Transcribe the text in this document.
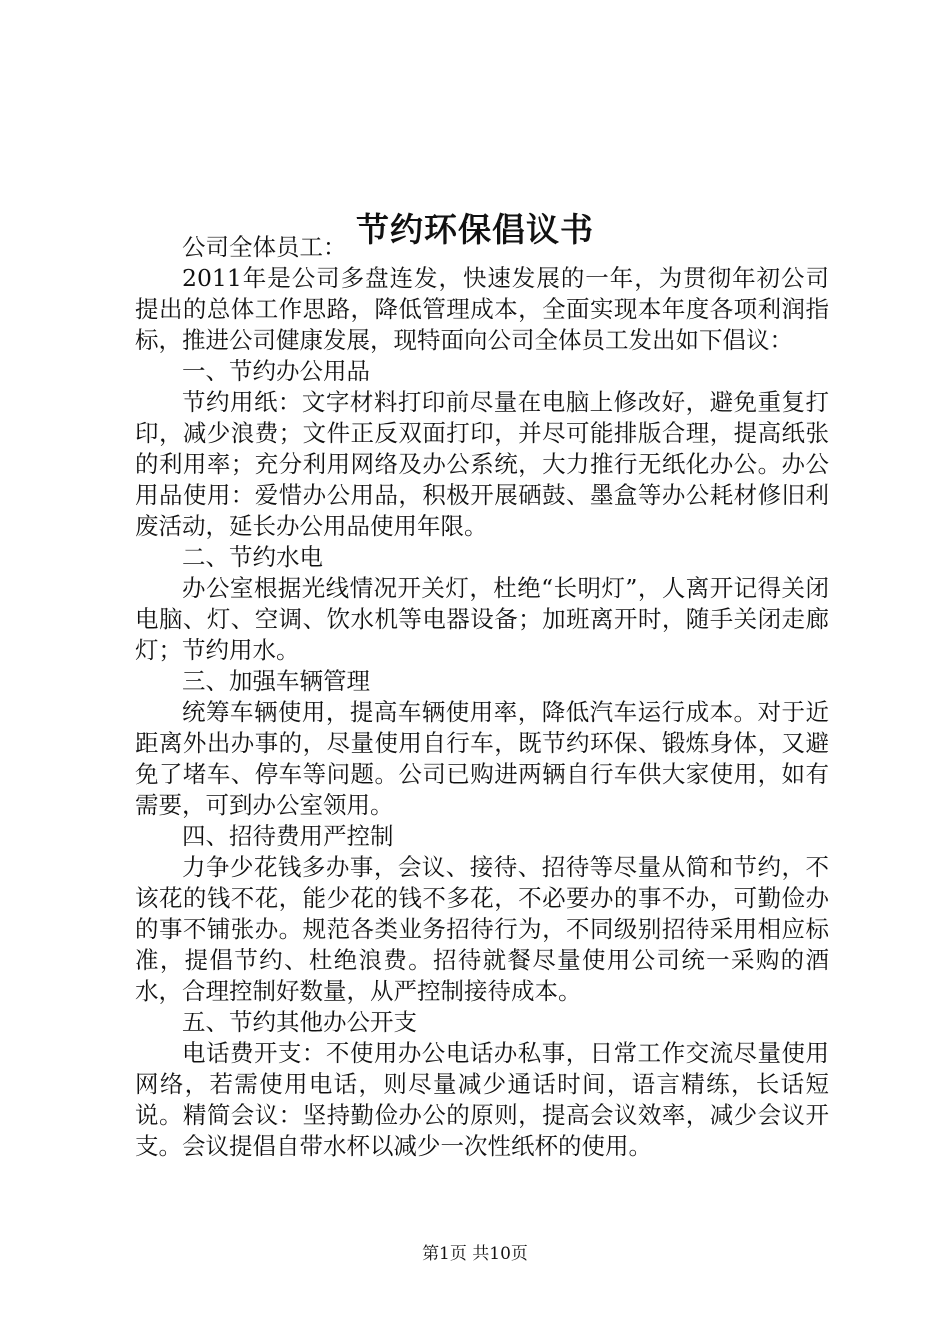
节约环保倡议书

公司全体员工：

2011年是公司多盘连发，快速发展的一年，为贯彻年初公司提出的总体工作思路，降低管理成本，全面实现本年度各项利润指标，推进公司健康发展，现特面向公司全体员工发出如下倡议：

一、节约办公用品

节约用纸：文字材料打印前尽量在电脑上修改好，避免重复打印，减少浪费；文件正反双面打印，并尽可能排版合理，提高纸张的利用率；充分利用网络及办公系统，大力推行无纸化办公。办公用品使用：爱惜办公用品，积极开展硒鼓、墨盒等办公耗材修旧利废活动，延长办公用品使用年限。

二、节约水电

办公室根据光线情况开关灯，杜绝“长明灯”，人离开记得关闭电脑、灯、空调、饮水机等电器设备；加班离开时，随手关闭走廊灯；节约用水。

三、加强车辆管理

统筹车辆使用，提高车辆使用率，降低汽车运行成本。对于近距离外出办事的，尽量使用自行车，既节约环保、锻炼身体，又避免了堵车、停车等问题。公司已购进两辆自行车供大家使用，如有需要，可到办公室领用。

四、招待费用严控制

力争少花钱多办事，会议、接待、招待等尽量从简和节约，不该花的钱不花，能少花的钱不多花，不必要办的事不办，可勤俭办的事不铺张办。规范各类业务招待行为，不同级别招待采用相应标准，提倡节约、杜绝浪费。招待就餐尽量使用公司统一采购的酒水，合理控制好数量，从严控制接待成本。

五、节约其他办公开支

电话费开支：不使用办公电话办私事，日常工作交流尽量使用网络，若需使用电话，则尽量减少通话时间，语言精练，长话短说。精简会议：坚持勤俭办公的原则，提高会议效率，减少会议开支。会议提倡自带水杯以减少一次性纸杯的使用。

第1页 共10页
